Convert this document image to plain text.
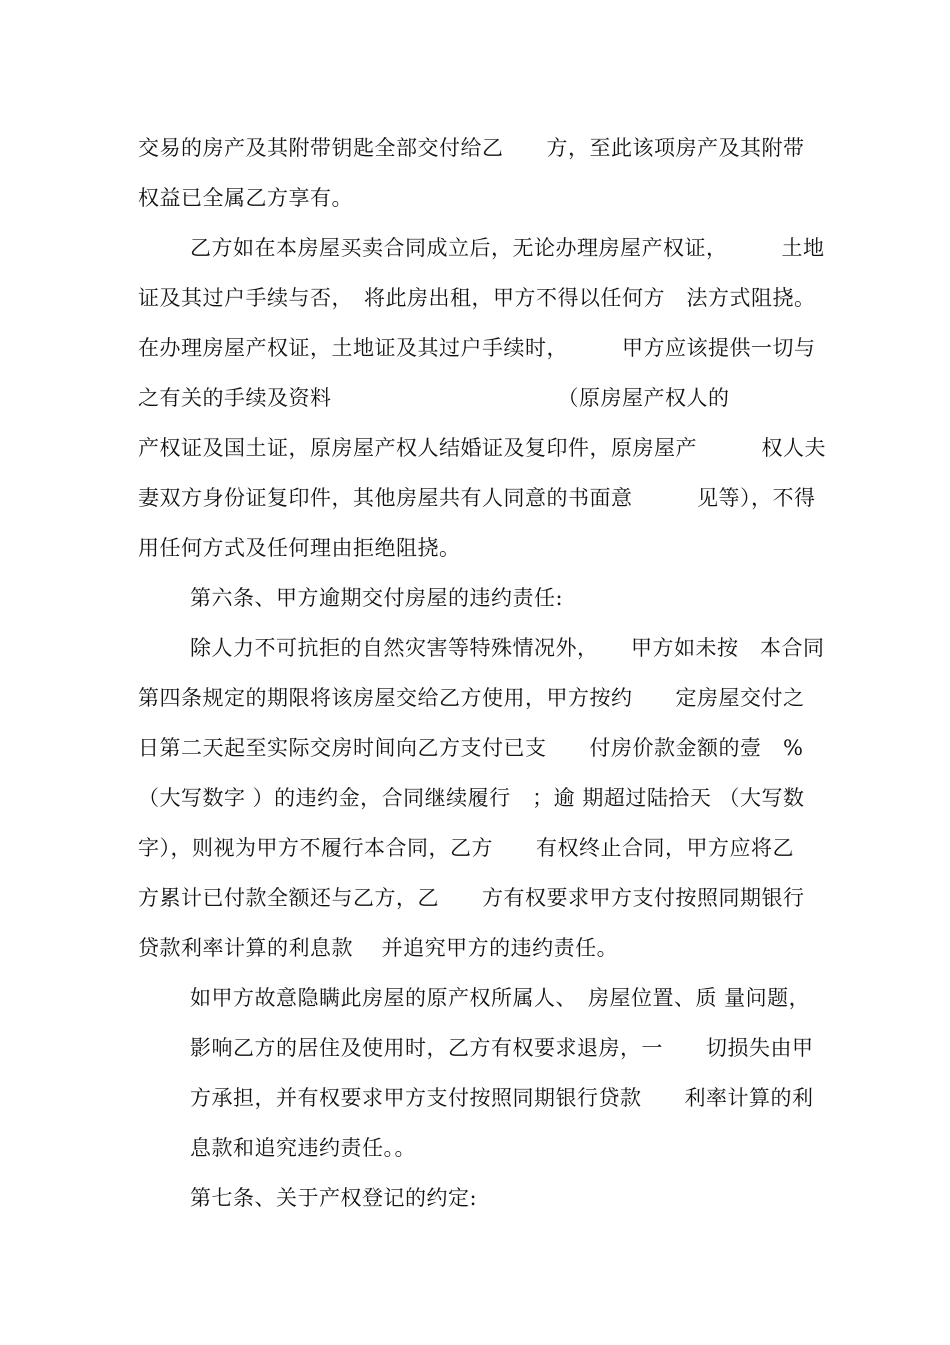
交易的房产及其附带钥匙全部交付给乙　　方，至此该项房产及其附带
权益已全属乙方享有。
乙方如在本房屋买卖合同成立后，无论办理房屋产权证，　　　土地
证及其过户手续与否，　将此房出租，甲方不得以任何方　法方式阻挠。
在办理房屋产权证，土地证及其过户手续时，　　　甲方应该提供一切与
之有关的手续及资料　　　　　　　　　　　（原房屋产权人的
产权证及国土证，原房屋产权人结婚证及复印件，原房屋产　　　权人夫
妻双方身份证复印件，其他房屋共有人同意的书面意　　　见等），不得
用任何方式及任何理由拒绝阻挠。
第六条、甲方逾期交付房屋的违约责任:
除人力不可抗拒的自然灾害等特殊情况外，　　甲方如未按　本合同
第四条规定的期限将该房屋交给乙方使用，甲方按约　　定房屋交付之
日第二天起至实际交房时间向乙方支付已支　　付房价款金额的壹　%
（大写数字 ）的违约金，合同继续履行　；逾 期超过陆拾天 （大写数
字），则视为甲方不履行本合同，乙方　　有权终止合同，甲方应将乙
方累计已付款全额还与乙方，乙　　方有权要求甲方支付按照同期银行
贷款利率计算的利息款　 并追究甲方的违约责任。
如甲方故意隐瞒此房屋的原产权所属人、　房屋位置、质 量问题，
影响乙方的居住及使用时，乙方有权要求退房，一　　切损失由甲
方承担，并有权要求甲方支付按照同期银行贷款　　利率计算的利
息款和追究违约责任。。
第七条、关于产权登记的约定:
